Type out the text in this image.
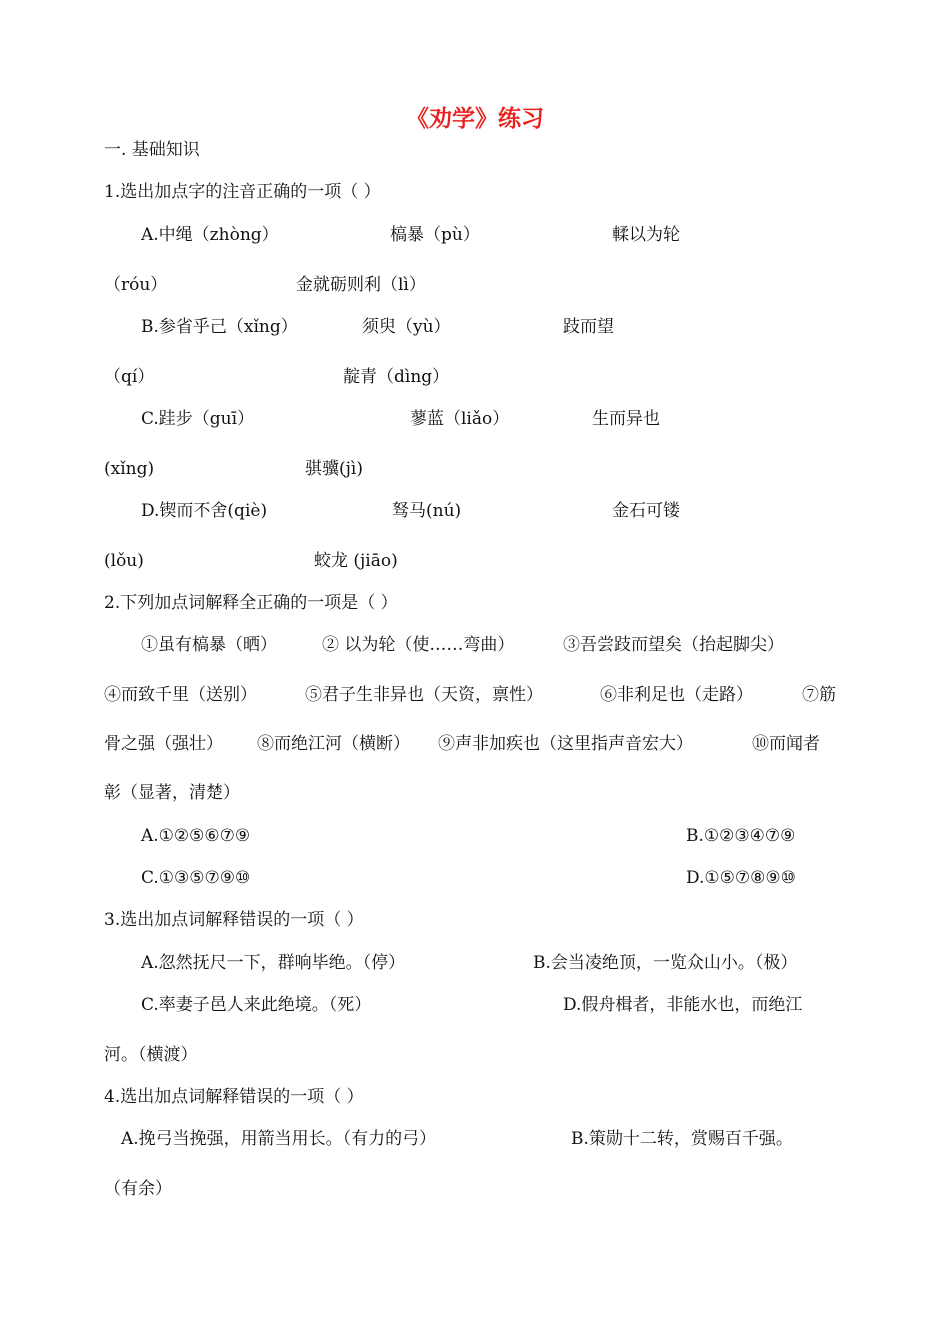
《劝学》练习
一. 基础知识
1.选出加点字的注音正确的一项（ ）
A.中绳（zhòng）	槁暴（pù）	輮以为轮
（róu）	金就砺则利（lì）
B.参省乎己（xǐng）	须臾（yù）	跂而望
（qí）	靛青（dìng）
C.跬步（guī）	蓼蓝（liǎo）	生而异也
(xǐng)	骐骥(jì)
D.锲而不舍(qiè)	驽马(nú)	金石可镂
(lǒu)	蛟龙 (jiāo)
2.下列加点词解释全正确的一项是（ ）
①虽有槁暴（晒）	② 以为轮（使……弯曲）	③吾尝跂而望矣（抬起脚尖）
④而致千里（送别）	⑤君子生非异也（天资，禀性）	⑥非利足也（走路）	⑦筋
骨之强（强壮） ⑧而绝江河（横断） ⑨声非加疾也（这里指声音宏大）	⑩而闻者
彰（显著，清楚）
A.①②⑤⑥⑦⑨	B.①②③④⑦⑨
C.①③⑤⑦⑨⑩	D.①⑤⑦⑧⑨⑩
3.选出加点词解释错误的一项（ ）
A.忽然抚尺一下，群响毕绝。（停）	B.会当凌绝顶，一览众山小。（极）
C.率妻子邑人来此绝境。（死）	D.假舟楫者，非能水也，而绝江
河。（横渡）
4.选出加点词解释错误的一项（ ）
A.挽弓当挽强，用箭当用长。（有力的弓）	B.策勋十二转，赏赐百千强。
（有余）
